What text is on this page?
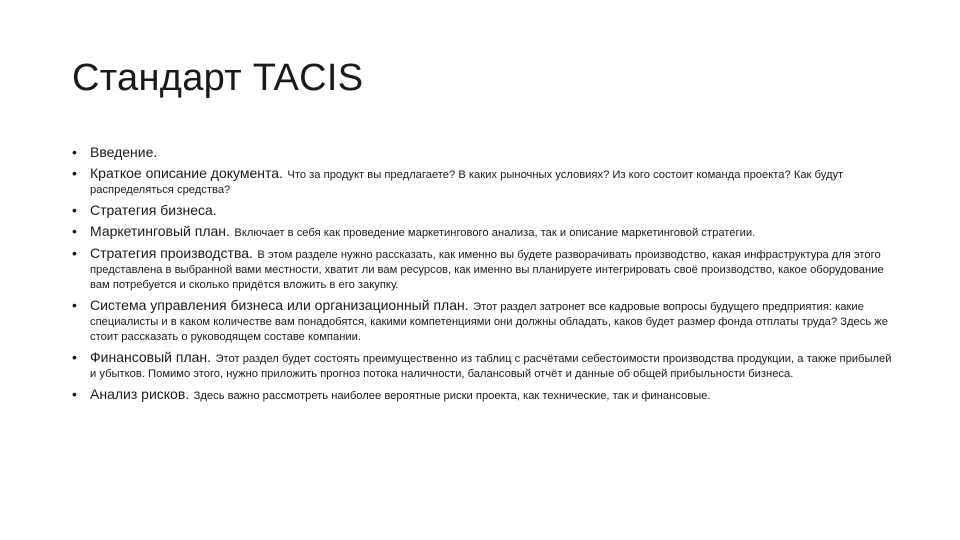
Стандарт TACIS
• Введение.
• Краткое описание документа. Что за продукт вы предлагаете? В каких рыночных условиях? Из кого состоит команда проекта? Как будут распределяться средства?
• Стратегия бизнеса.
• Маркетинговый план. Включает в себя как проведение маркетингового анализа, так и описание маркетинговой стратегии.
• Стратегия производства. В этом разделе нужно рассказать, как именно вы будете разворачивать производство, какая инфраструктура для этого представлена в выбранной вами местности, хватит ли вам ресурсов, как именно вы планируете интегрировать своё производство, какое оборудование вам потребуется и сколько придётся вложить в его закупку.
• Система управления бизнеса или организационный план. Этот раздел затронет все кадровые вопросы будущего предприятия: какие специалисты и в каком количестве вам понадобятся, какими компетенциями они должны обладать, каков будет размер фонда отплаты труда? Здесь же стоит рассказать о руководящем составе компании.
• Финансовый план. Этот раздел будет состоять преимущественно из таблиц с расчётами себестоимости производства продукции, а также прибылей и убытков. Помимо этого, нужно приложить прогноз потока наличности, балансовый отчёт и данные об общей прибыльности бизнеса.
• Анализ рисков. Здесь важно рассмотреть наиболее вероятные риски проекта, как технические, так и финансовые.
